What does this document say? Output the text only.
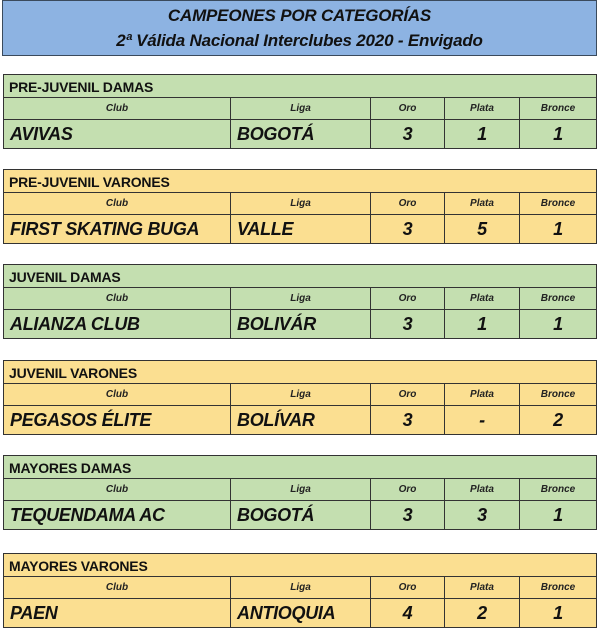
CAMPEONES POR CATEGORÍAS
2ª Válida Nacional Interclubes 2020 - Envigado
PRE-JUVENIL DAMAS
Club	Liga	Oro	Plata	Bronce
AVIVAS	BOGOTÁ	3	1	1
PRE-JUVENIL VARONES
Club	Liga	Oro	Plata	Bronce
FIRST SKATING BUGA	VALLE	3	5	1
JUVENIL DAMAS
Club	Liga	Oro	Plata	Bronce
ALIANZA CLUB	BOLIVÁR	3	1	1
JUVENIL VARONES
Club	Liga	Oro	Plata	Bronce
PEGASOS ÉLITE	BOLÍVAR	3	-	2
MAYORES DAMAS
Club	Liga	Oro	Plata	Bronce
TEQUENDAMA AC	BOGOTÁ	3	3	1
MAYORES VARONES
Club	Liga	Oro	Plata	Bronce
PAEN	ANTIOQUIA	4	2	1
